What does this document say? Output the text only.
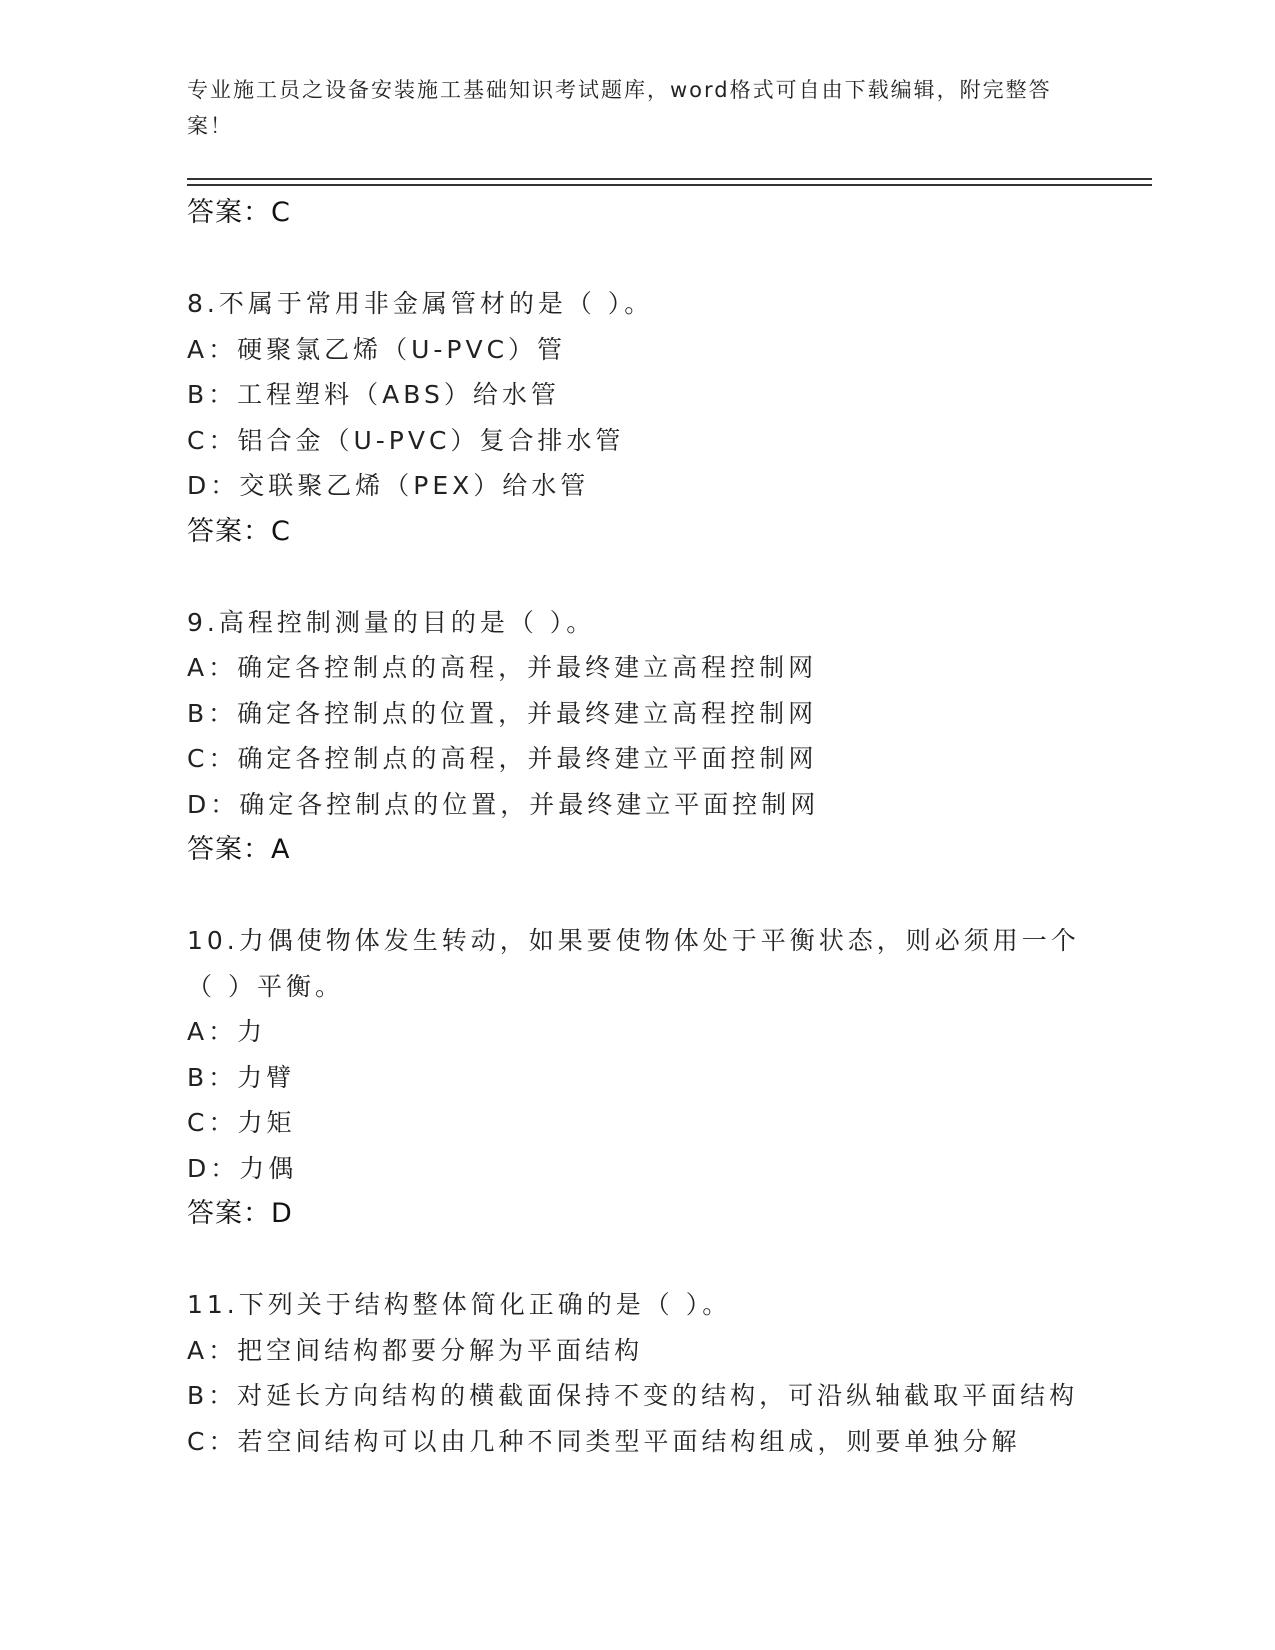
专业施工员之设备安装施工基础知识考试题库，word格式可自由下载编辑，附完整答案！
答案：C
8.不属于常用非金属管材的是（ ）。
A：硬聚氯乙烯（U-PVC）管
B：工程塑料（ABS）给水管
C：铝合金（U-PVC）复合排水管
D：交联聚乙烯（PEX）给水管
答案：C
9.高程控制测量的目的是（ ）。
A：确定各控制点的高程，并最终建立高程控制网
B：确定各控制点的位置，并最终建立高程控制网
C：确定各控制点的高程，并最终建立平面控制网
D：确定各控制点的位置，并最终建立平面控制网
答案：A
10.力偶使物体发生转动，如果要使物体处于平衡状态，则必须用一个（ ）平衡。
A：力
B：力臂
C：力矩
D：力偶
答案：D
11.下列关于结构整体简化正确的是（ ）。
A：把空间结构都要分解为平面结构
B：对延长方向结构的横截面保持不变的结构，可沿纵轴截取平面结构
C：若空间结构可以由几种不同类型平面结构组成，则要单独分解
